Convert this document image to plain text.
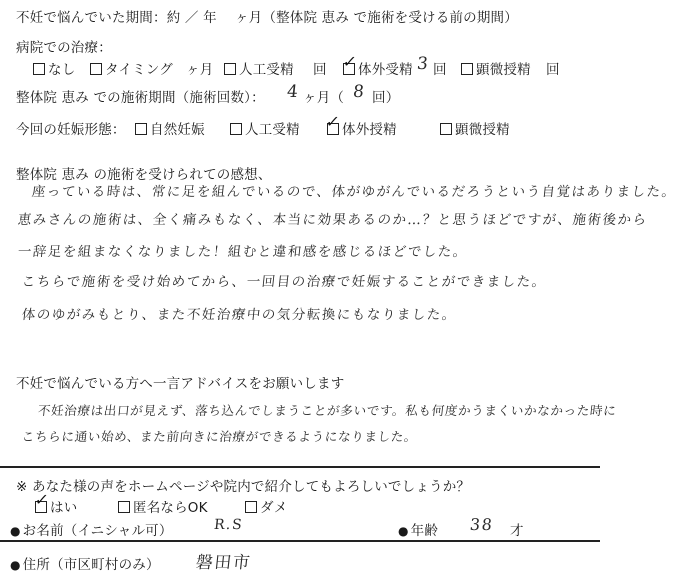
不妊で悩んでいた期間：約 ／ 年 　ヶ月（整体院 恵み で施術を受ける前の期間）
病院での治療：
なし	タイミング ヶ月	人工受精 回	体外受精
✓	3 回	顕微授精 回
整体院 恵み での施術期間（施術回数）： 4 ヶ月（ 8 回）
今回の妊娠形態：	自然妊娠	人工受精	体外授精
✓	顕微授精
整体院 恵み の施術を受けられての感想、
座っている時は、常に足を組んでいるので、体がゆがんでいるだろうという自覚はありました。
恵みさんの施術は、全く痛みもなく、本当に効果あるのか…？と思うほどですが、施術後から
一辞足を組まなくなりました！組むと違和感を感じるほどでした。
こちらで施術を受け始めてから、一回目の治療で妊娠することができました。
体のゆがみもとり、また不妊治療中の気分転換にもなりました。
不妊で悩んでいる方へ一言アドバイスをお願いします
不妊治療は出口が見えず、落ち込んでしまうことが多いです。私も何度かうまくいかなかった時に
こちらに通い始め、また前向きに治療ができるようになりました。
※ あなた様の声をホームページや院内で紹介してもよろしいでしょうか？
はい
✓	匿名ならOK	ダメ
● お名前（イニシャル可）	R.S	● 年齢 38 才
● 住所（市区町村のみ） 磐田市
